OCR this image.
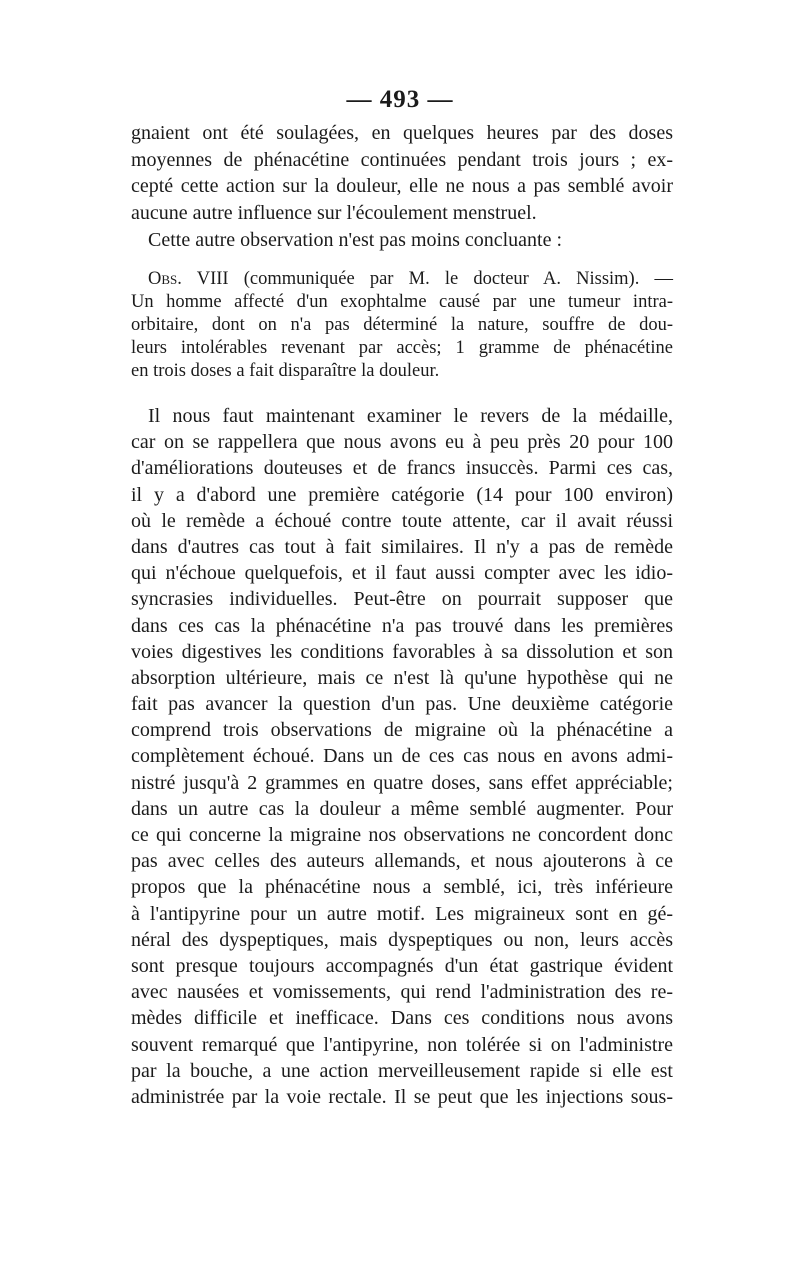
— 493 —
gnaient ont été soulagées, en quelques heures par des doses
moyennes de phénacétine continuées pendant trois jours ; ex-
cepté cette action sur la douleur, elle ne nous a pas semblé avoir
aucune autre influence sur l'écoulement menstruel.
Cette autre observation n'est pas moins concluante :
Obs. VIII (communiquée par M. le docteur A. Nissim). —
Un homme affecté d'un exophtalme causé par une tumeur intra-
orbitaire, dont on n'a pas déterminé la nature, souffre de dou-
leurs intolérables revenant par accès; 1 gramme de phénacétine
en trois doses a fait disparaître la douleur.
Il nous faut maintenant examiner le revers de la médaille,
car on se rappellera que nous avons eu à peu près 20 pour 100
d'améliorations douteuses et de francs insuccès. Parmi ces cas,
il y a d'abord une première catégorie (14 pour 100 environ)
où le remède a échoué contre toute attente, car il avait réussi
dans d'autres cas tout à fait similaires. Il n'y a pas de remède
qui n'échoue quelquefois, et il faut aussi compter avec les idio-
syncrasies individuelles. Peut-être on pourrait supposer que
dans ces cas la phénacétine n'a pas trouvé dans les premières
voies digestives les conditions favorables à sa dissolution et son
absorption ultérieure, mais ce n'est là qu'une hypothèse qui ne
fait pas avancer la question d'un pas. Une deuxième catégorie
comprend trois observations de migraine où la phénacétine a
complètement échoué. Dans un de ces cas nous en avons admi-
nistré jusqu'à 2 grammes en quatre doses, sans effet appréciable;
dans un autre cas la douleur a même semblé augmenter. Pour
ce qui concerne la migraine nos observations ne concordent donc
pas avec celles des auteurs allemands, et nous ajouterons à ce
propos que la phénacétine nous a semblé, ici, très inférieure
à l'antipyrine pour un autre motif. Les migraineux sont en gé-
néral des dyspeptiques, mais dyspeptiques ou non, leurs accès
sont presque toujours accompagnés d'un état gastrique évident
avec nausées et vomissements, qui rend l'administration des re-
mèdes difficile et inefficace. Dans ces conditions nous avons
souvent remarqué que l'antipyrine, non tolérée si on l'administre
par la bouche, a une action merveilleusement rapide si elle est
administrée par la voie rectale. Il se peut que les injections sous-
